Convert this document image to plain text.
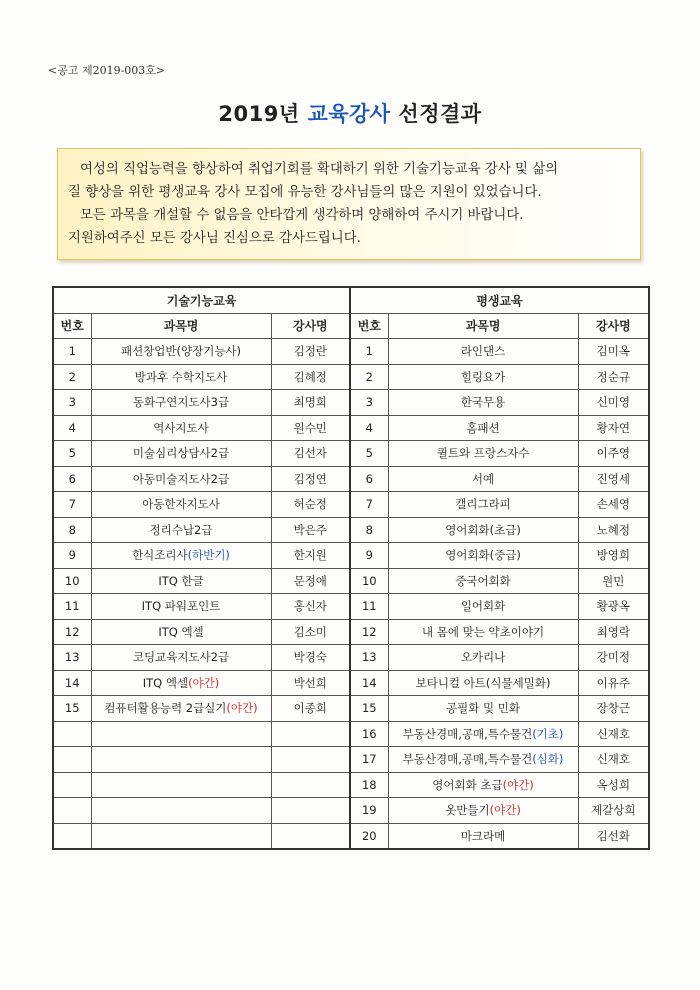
<공고 제2019-003호>
2019년 교육강사 선정결과

여성의 직업능력을 향상하여 취업기회를 확대하기 위한 기술기능교육 강사 및 삶의

질 향상을 위한 평생교육 강사 모집에 유능한 강사님들의 많은 지원이 있었습니다.

모든 과목을 개설할 수 없음을 안타깝게 생각하며 양해하여 주시기 바랍니다.

지원하여주신 모든 강사님 진심으로 감사드립니다.

기술기능교육			평생교육		
번호	과목명	강사명	번호	과목명	강사명
1	패션창업반(양장기능사)	김정란	1	라인댄스	김미옥
2	방과후 수학지도사	김혜정	2	힐링요가	정순규
3	동화구연지도사3급	최명희	3	한국무용	신미영
4	역사지도사	원수민	4	홈패션	황자연
5	미술심리상담사2급	김선자	5	퀼트와 프랑스자수	이주영
6	아동미술지도사2급	김정연	6	서예	진영세
7	아동한자지도사	허순정	7	캘리그라피	손세영
8	정리수납2급	박은주	8	영어회화(초급)	노혜정
9	한식조리사(하반기)	한지원	9	영어회화(중급)	방영희
10	ITQ 한글	문정애	10	중국어회화	원민
11	ITQ 파워포인트	홍신자	11	일어회화	황광옥
12	ITQ 엑셀	김소미	12	내 몸에 맞는 약초이야기	최영락
13	코딩교육지도사2급	박경숙	13	오카리나	강미정
14	ITQ 엑셀(야간)	박선희	14	보타니컬 아트(식물세밀화)	이유주
15	컴퓨터활용능력 2급실기(야간)	이종희	15	공필화 및 민화	장창근
			16	부동산경매,공매,특수물건(기초)	신재호
			17	부동산경매,공매,특수물건(심화)	신재호
			18	영어회화 초급(야간)	옥성희
			19	옷만들기(야간)	제갈상희
			20	마크라메	김선화
